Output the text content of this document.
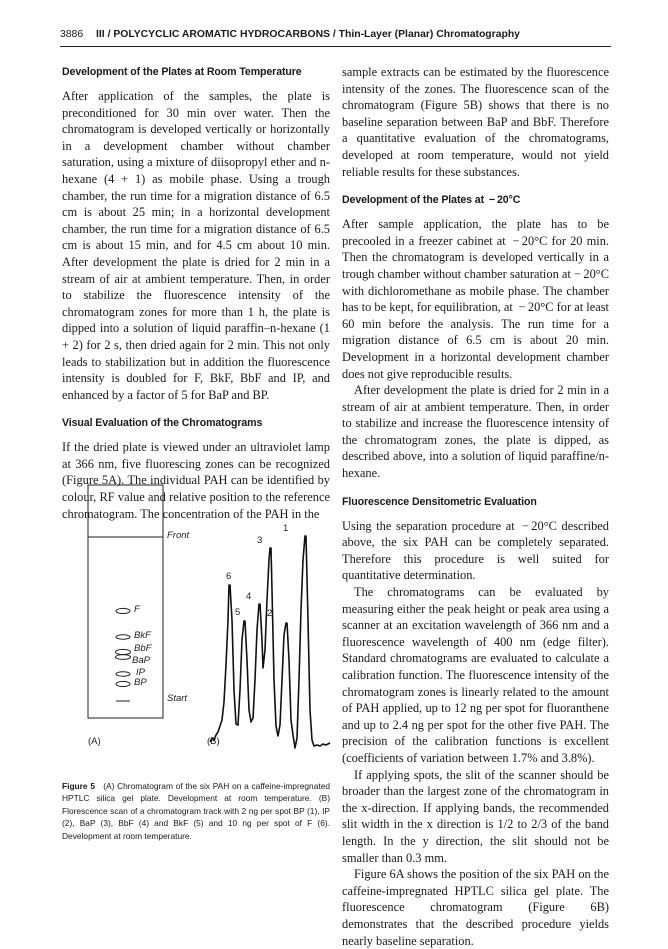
3886 III / POLYCYCLIC AROMATIC HYDROCARBONS / Thin-Layer (Planar) Chromatography
Development of the Plates at Room Temperature

After application of the samples, the plate is preconditioned for 30 min over water. Then the chromatogram is developed vertically or horizontally in a development chamber without chamber saturation, using a mixture of diisopropyl ether and n-hexane (4 + 1) as mobile phase. Using a trough chamber, the run time for a migration distance of 6.5 cm is about 25 min; in a horizontal development chamber, the run time for a migration distance of 6.5 cm is about 15 min, and for 4.5 cm about 10 min. After development the plate is dried for 2 min in a stream of air at ambient temperature. Then, in order to stabilize the fluorescence intensity of the chromatogram zones for more than 1 h, the plate is dipped into a solution of liquid paraffin–n-hexane (1 + 2) for 2 s, then dried again for 2 min. This not only leads to stabilization but in addition the fluorescence intensity is doubled for F, BkF, BbF and IP, and enhanced by a factor of 5 for BaP and BP.

Visual Evaluation of the Chromatograms

If the dried plate is viewed under an ultraviolet lamp at 366 nm, five fluorescing zones can be recognized (Figure 5A). The individual PAH can be identified by colour, RF value and relative position to the reference chromatogram. The concentration of the PAH in the

Front
F
BkF
BbF
BaP
IP
BP
Start
(A)
1
2
3
4
5
6
(B)
Figure 5 (A) Chromatogram of the six PAH on a caffeine-impregnated HPTLC silica gel plate. Development at room temperature. (B) Florescence scan of a chromatogram track with 2 ng per spot BP (1), IP (2), BaP (3), BbF (4) and BkF (5) and 10 ng per spot of F (6). Development at room temperature.

sample extracts can be estimated by the fluorescence intensity of the zones. The fluorescence scan of the chromatogram (Figure 5B) shows that there is no baseline separation between BaP and BbF. Therefore a quantitative evaluation of the chromatograms, developed at room temperature, would not yield reliable results for these substances.

Development of the Plates at  − 20°C

After sample application, the plate has to be precooled in a freezer cabinet at  − 20°C for 20 min. Then the chromatogram is developed vertically in a trough chamber without chamber saturation at − 20°C with dichloromethane as mobile phase. The chamber has to be kept, for equilibration, at  − 20°C for at least 60 min before the analysis. The run time for a migration distance of 6.5 cm is about 20 min. Development in a horizontal development chamber does not give reproducible results.

After development the plate is dried for 2 min in a stream of air at ambient temperature. Then, in order to stabilize and increase the fluorescence intensity of the chromatogram zones, the plate is dipped, as described above, into a solution of liquid paraffine/n-hexane.

Fluorescence Densitometric Evaluation

Using the separation procedure at  − 20°C described above, the six PAH can be completely separated. Therefore this procedure is well suited for quantitative determination.

The chromatograms can be evaluated by measuring either the peak height or peak area using a scanner at an excitation wavelength of 366 nm and a fluorescence wavelength of 400 nm (edge filter). Standard chromatograms are evaluated to calculate a calibration function. The fluorescence intensity of the chromatogram zones is linearly related to the amount of PAH applied, up to 12 ng per spot for fluoranthene and up to 2.4 ng per spot for the other five PAH. The precision of the calibration functions is excellent (coefficients of variation between 1.7% and 3.8%).

If applying spots, the slit of the scanner should be broader than the largest zone of the chromatogram in the x-direction. If applying bands, the recommended slit width in the x direction is 1/2 to 2/3 of the band length. In the y direction, the slit should not be smaller than 0.3 mm.

Figure 6A shows the position of the six PAH on the caffeine-impregnated HPTLC silica gel plate. The fluorescence chromatogram (Figure 6B) demonstrates that the described procedure yields nearly baseline separation.
